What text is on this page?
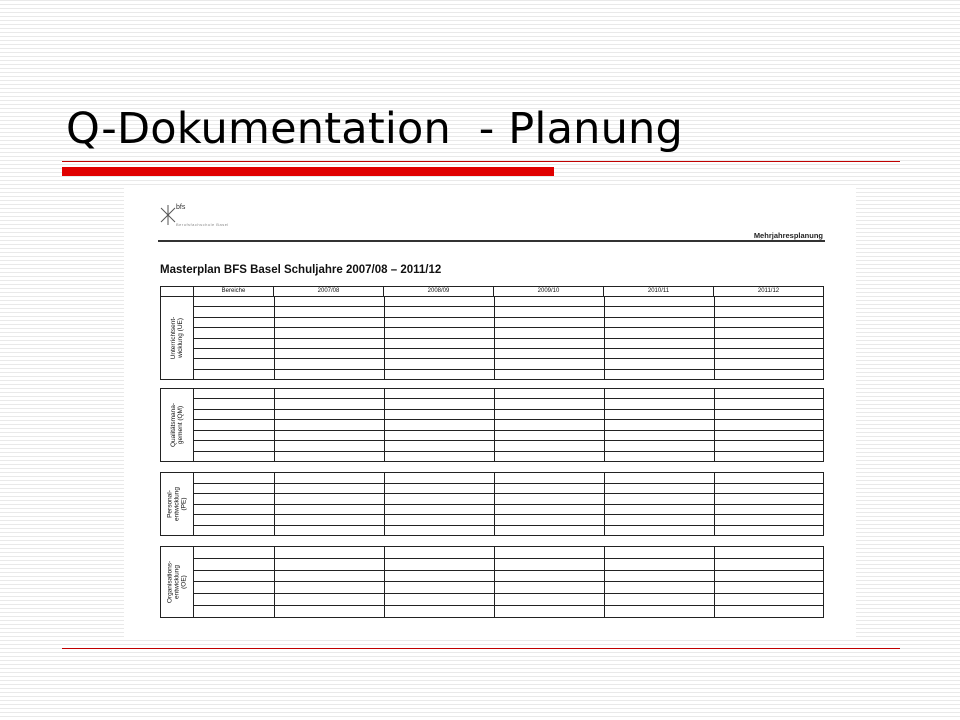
Q-Dokumentation  - Planung
bfs
Berufsfachschule Basel
Mehrjahresplanung
Masterplan BFS Basel Schuljahre 2007/08 – 2011/12
Bereiche	2007/08	2008/09	2009/10	2010/11	2011/12
Unterrichtsent-
wicklung (UE)
Qualitätsmana-
gement (QM)
Personal-
entwicklung
(PE)
Organisations-
entwicklung
(OE)
